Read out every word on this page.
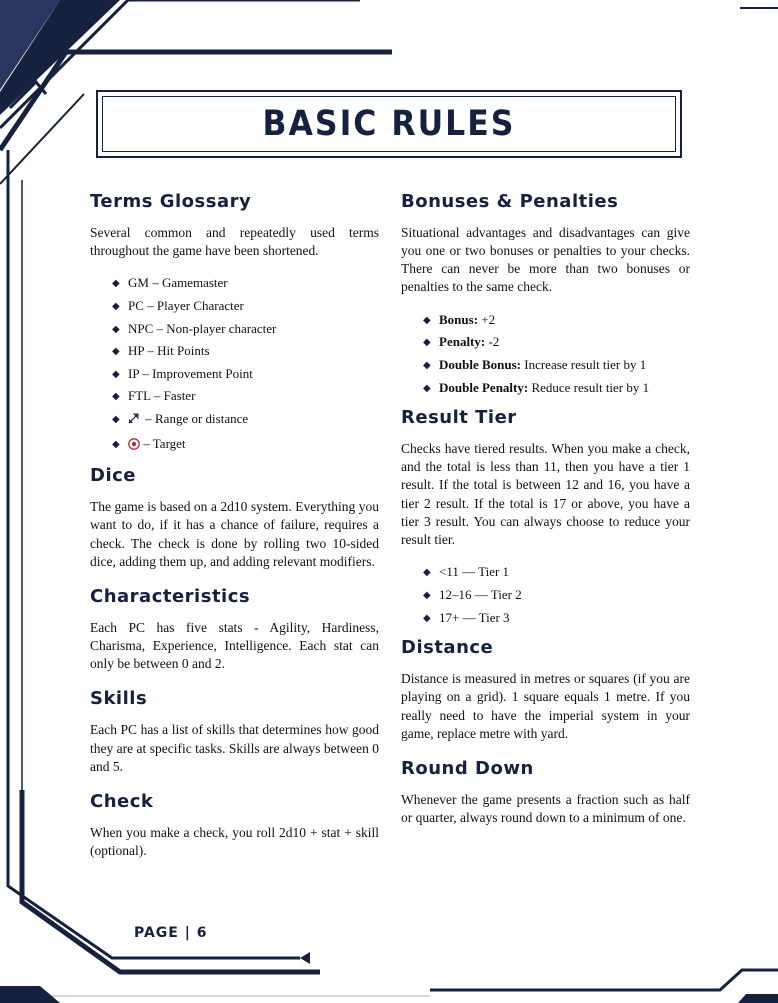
BASIC RULES
Terms Glossary

Several common and repeatedly used terms throughout the game have been shortened.

◆ GM – Gamemaster
◆ PC – Player Character
◆ NPC – Non-player character
◆ HP – Hit Points
◆ IP – Improvement Point
◆ FTL – Faster
◆ – Range or distance
◆ – Target
Dice

The game is based on a 2d10 system. Everything you want to do, if it has a chance of failure, requires a check. The check is done by rolling two 10-sided dice, adding them up, and adding relevant modifiers.

Characteristics

Each PC has five stats - Agility, Hardiness, Charisma, Experience, Intelligence. Each stat can only be between 0 and 2.

Skills

Each PC has a list of skills that determines how good they are at specific tasks. Skills are always between 0 and 5.

Check

When you make a check, you roll 2d10 + stat + skill (optional).

Bonuses & Penalties

Situational advantages and disadvantages can give you one or two bonuses or penalties to your checks. There can never be more than two bonuses or penalties to the same check.

◆ Bonus: +2
◆ Penalty: -2
◆ Double Bonus: Increase result tier by 1
◆ Double Penalty: Reduce result tier by 1
Result Tier

Checks have tiered results. When you make a check, and the total is less than 11, then you have a tier 1 result. If the total is between 12 and 16, you have a tier 2 result. If the total is 17 or above, you have a tier 3 result. You can always choose to reduce your result tier.

◆ <11 — Tier 1
◆ 12–16 — Tier 2
◆ 17+ — Tier 3
Distance

Distance is measured in metres or squares (if you are playing on a grid). 1 square equals 1 metre. If you really need to have the imperial system in your game, replace metre with yard.

Round Down

Whenever the game presents a fraction such as half or quarter, always round down to a minimum of one.

PAGE | 6
